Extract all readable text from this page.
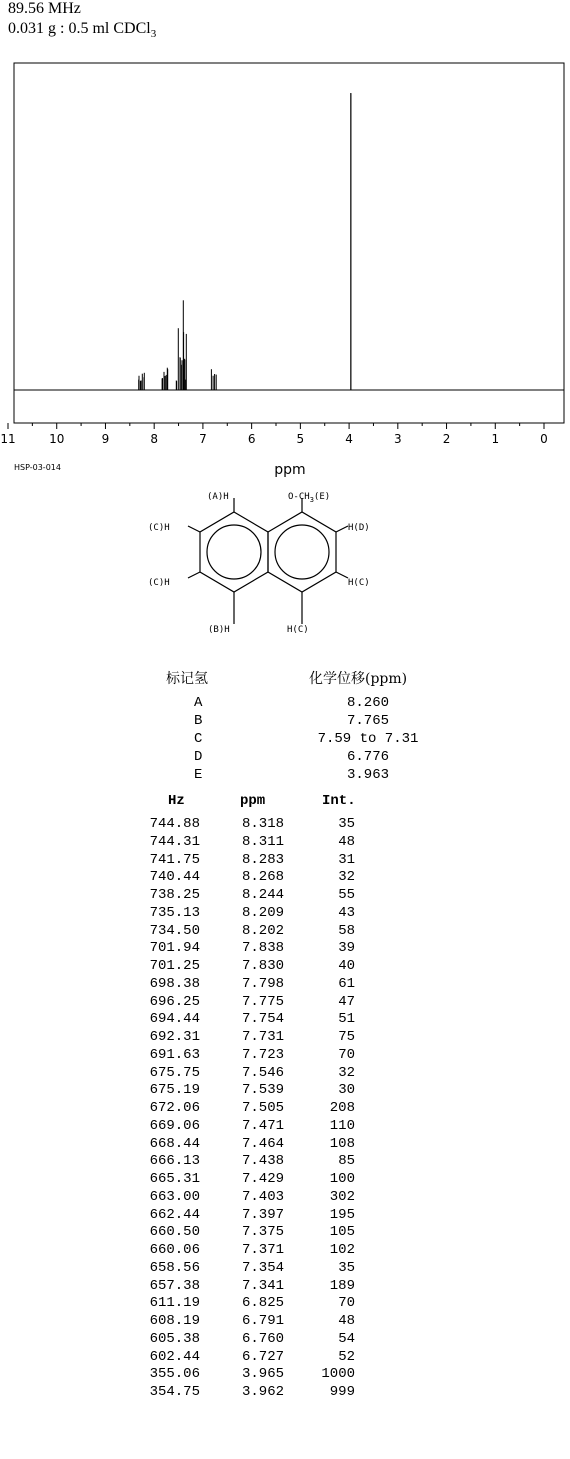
89.56 MHz
0.031 g : 0.5 ml CDCl$_3$
11	10	9	8	7	6	5	4	3	2	1	0
HSP-03-014	ppm
(A)H	$O-CH_3(E)$
H(D)
(C)H
(C)H	H(C)
(B)H	H(C)
标记氢	化学位移(ppm)
A	8.260
B	7.765
C	7.59 to 7.31
D	6.776
E	3.963
Hz	ppm	Int.
744.88	8.318	35
744.31	8.311	48
741.75	8.283	31
740.44	8.268	32
738.25	8.244	55
735.13	8.209	43
734.50	8.202	58
701.94	7.838	39
701.25	7.830	40
698.38	7.798	61
696.25	7.775	47
694.44	7.754	51
692.31	7.731	75
691.63	7.723	70
675.75	7.546	32
675.19	7.539	30
672.06	7.505	208
669.06	7.471	110
668.44	7.464	108
666.13	7.438	85
665.31	7.429	100
663.00	7.403	302
662.44	7.397	195
660.50	7.375	105
660.06	7.371	102
658.56	7.354	35
657.38	7.341	189
611.19	6.825	70
608.19	6.791	48
605.38	6.760	54
602.44	6.727	52
355.06	3.965	1000
354.75	3.962	999
